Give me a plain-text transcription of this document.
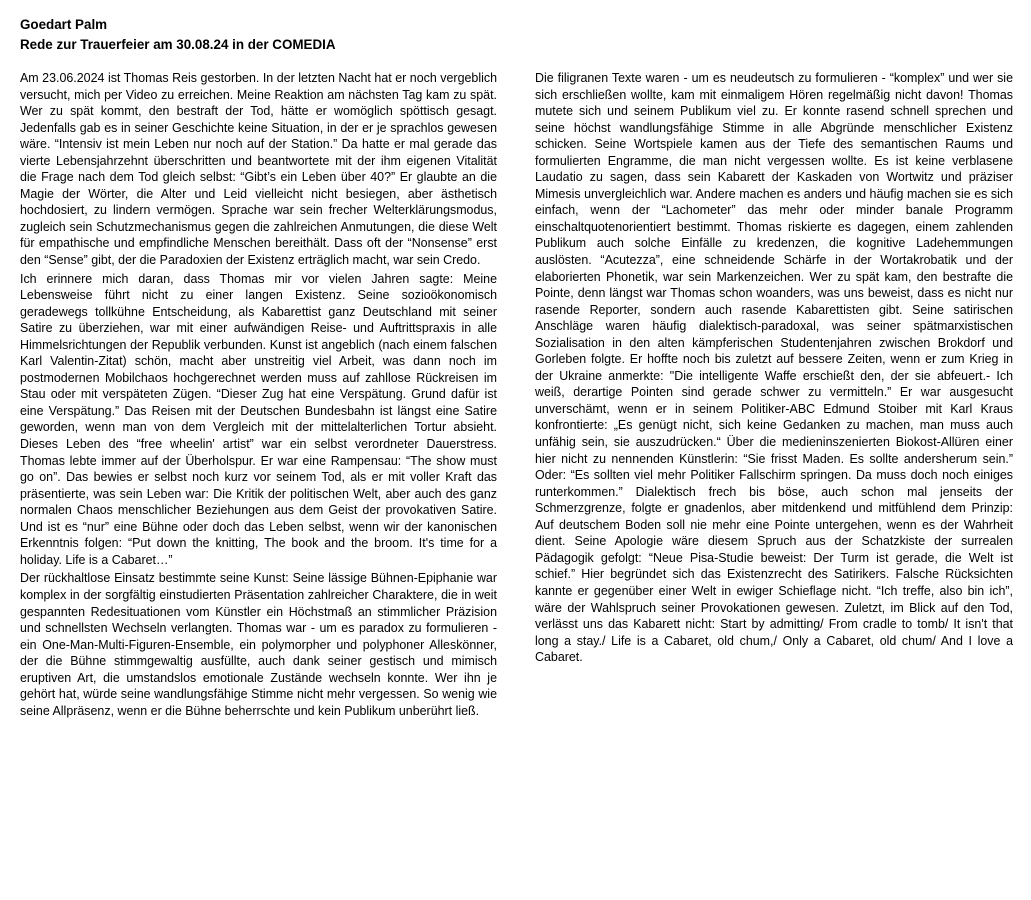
Goedart Palm

Rede zur Trauerfeier am 30.08.24 in der COMEDIA

Am 23.06.2024 ist Thomas Reis gestorben. In der letzten Nacht hat er noch vergeblich versucht, mich per Video zu erreichen. Meine Reaktion am nächsten Tag kam zu spät. Wer zu spät kommt, den bestraft der Tod, hätte er womöglich spöttisch gesagt. Jedenfalls gab es in seiner Geschichte keine Situation, in der er je sprachlos gewesen wäre. “Intensiv ist mein Leben nur noch auf der Station.” Da hatte er mal gerade das vierte Lebensjahrzehnt überschritten und beantwortete mit der ihm eigenen Vitalität die Frage nach dem Tod gleich selbst: “Gibt’s ein Leben über 40?” Er glaubte an die Magie der Wörter, die Alter und Leid vielleicht nicht besiegen, aber ästhetisch hochdosiert, zu lindern vermögen. Sprache war sein frecher Welterklärungsmodus, zugleich sein Schutzmechanismus gegen die zahlreichen Anmutungen, die diese Welt für empathische und empfindliche Menschen bereithält. Dass oft der “Nonsense” erst den “Sense” gibt, der die Paradoxien der Existenz erträglich macht, war sein Credo.

Ich erinnere mich daran, dass Thomas mir vor vielen Jahren sagte: Meine Lebensweise führt nicht zu einer langen Existenz. Seine sozioökonomisch geradewegs tollkühne Entscheidung, als Kabarettist ganz Deutschland mit seiner Satire zu überziehen, war mit einer aufwändigen Reise- und Auftrittspraxis in alle Himmelsrichtungen der Republik verbunden. Kunst ist angeblich (nach einem falschen Karl Valentin-Zitat) schön, macht aber unstreitig viel Arbeit, was dann noch im postmodernen Mobilchaos hochgerechnet werden muss auf zahllose Rückreisen im Stau oder mit verspäteten Zügen. “Dieser Zug hat eine Verspätung. Grund dafür ist eine Verspätung.” Das Reisen mit der Deutschen Bundesbahn ist längst eine Satire geworden, wenn man von dem Vergleich mit der mittelalterlichen Tortur absieht. Dieses Leben des “free wheelin' artist” war ein selbst verordneter Dauerstress. Thomas lebte immer auf der Überholspur. Er war eine Rampensau: “The show must go on”. Das bewies er selbst noch kurz vor seinem Tod, als er mit voller Kraft das präsentierte, was sein Leben war: Die Kritik der politischen Welt, aber auch des ganz normalen Chaos menschlicher Beziehungen aus dem Geist der provokativen Satire. Und ist es “nur” eine Bühne oder doch das Leben selbst, wenn wir der kanonischen Erkenntnis folgen: “Put down the knitting, The book and the broom. It's time for a holiday. Life is a Cabaret…”

Der rückhaltlose Einsatz bestimmte seine Kunst: Seine lässige Bühnen-Epiphanie war komplex in der sorgfältig einstudierten Präsentation zahlreicher Charaktere, die in weit gespannten Redesituationen vom Künstler ein Höchstmaß an stimmlicher Präzision und schnellsten Wechseln verlangten. Thomas war - um es paradox zu formulieren - ein One-Man-Multi-Figuren-Ensemble, ein polymorpher und polyphoner Alleskönner, der die Bühne stimmgewaltig ausfüllte, auch dank seiner gestisch und mimisch eruptiven Art, die umstandslos emotionale Zustände wechseln konnte. Wer ihn je gehört hat, würde seine wandlungsfähige Stimme nicht mehr vergessen. So wenig wie seine Allpräsenz, wenn er die Bühne beherrschte und kein Publikum unberührt ließ.

Die filigranen Texte waren - um es neudeutsch zu formulieren - “komplex” und wer sie sich erschließen wollte, kam mit einmaligem Hören regelmäßig nicht davon! Thomas mutete sich und seinem Publikum viel zu. Er konnte rasend schnell sprechen und seine höchst wandlungsfähige Stimme in alle Abgründe menschlicher Existenz schicken. Seine Wortspiele kamen aus der Tiefe des semantischen Raums und formulierten Engramme, die man nicht vergessen wollte. Es ist keine verblasene Laudatio zu sagen, dass sein Kabarett der Kaskaden von Wortwitz und präziser Mimesis unvergleichlich war. Andere machen es anders und häufig machen sie es sich einfach, wenn der “Lachometer” das mehr oder minder banale Programm einschaltquotenorientiert bestimmt. Thomas riskierte es dagegen, einem zahlenden Publikum auch solche Einfälle zu kredenzen, die kognitive Ladehemmungen auslösten. “Acutezza”, eine schneidende Schärfe in der Wortakrobatik und der elaborierten Phonetik, war sein Markenzeichen. Wer zu spät kam, den bestrafte die Pointe, denn längst war Thomas schon woanders, was uns beweist, dass es nicht nur rasende Reporter, sondern auch rasende Kabarettisten gibt. Seine satirischen Anschläge waren häufig dialektisch-paradoxal, was seiner spätmarxistischen Sozialisation in den alten kämpferischen Studentenjahren zwischen Brokdorf und Gorleben folgte. Er hoffte noch bis zuletzt auf bessere Zeiten, wenn er zum Krieg in der Ukraine anmerkte: "Die intelligente Waffe erschießt den, der sie abfeuert.- Ich weiß, derartige Pointen sind gerade schwer zu vermitteln.” Er war ausgesucht unverschämt, wenn er in seinem Politiker-ABC Edmund Stoiber mit Karl Kraus konfrontierte: „Es genügt nicht, sich keine Gedanken zu machen, man muss auch unfähig sein, sie auszudrücken.“ Über die medieninszenierten Biokost-Allüren einer hier nicht zu nennenden Künstlerin: “Sie frisst Maden. Es sollte andersherum sein.” Oder: “Es sollten viel mehr Politiker Fallschirm springen. Da muss doch noch einiges runterkommen.” Dialektisch frech bis böse, auch schon mal jenseits der Schmerzgrenze, folgte er gnadenlos, aber mitdenkend und mitfühlend dem Prinzip: Auf deutschem Boden soll nie mehr eine Pointe untergehen, wenn es der Wahrheit dient. Seine Apologie wäre diesem Spruch aus der Schatzkiste der surrealen Pädagogik gefolgt: “Neue Pisa-Studie beweist: Der Turm ist gerade, die Welt ist schief.” Hier begründet sich das Existenzrecht des Satirikers. Falsche Rücksichten kannte er gegenüber einer Welt in ewiger Schieflage nicht. “Ich treffe, also bin ich”, wäre der Wahlspruch seiner Provokationen gewesen. Zuletzt, im Blick auf den Tod, verlässt uns das Kabarett nicht: Start by admitting/ From cradle to tomb/ It isn't that long a stay./ Life is a Cabaret, old chum,/ Only a Cabaret, old chum/ And I love a Cabaret.
